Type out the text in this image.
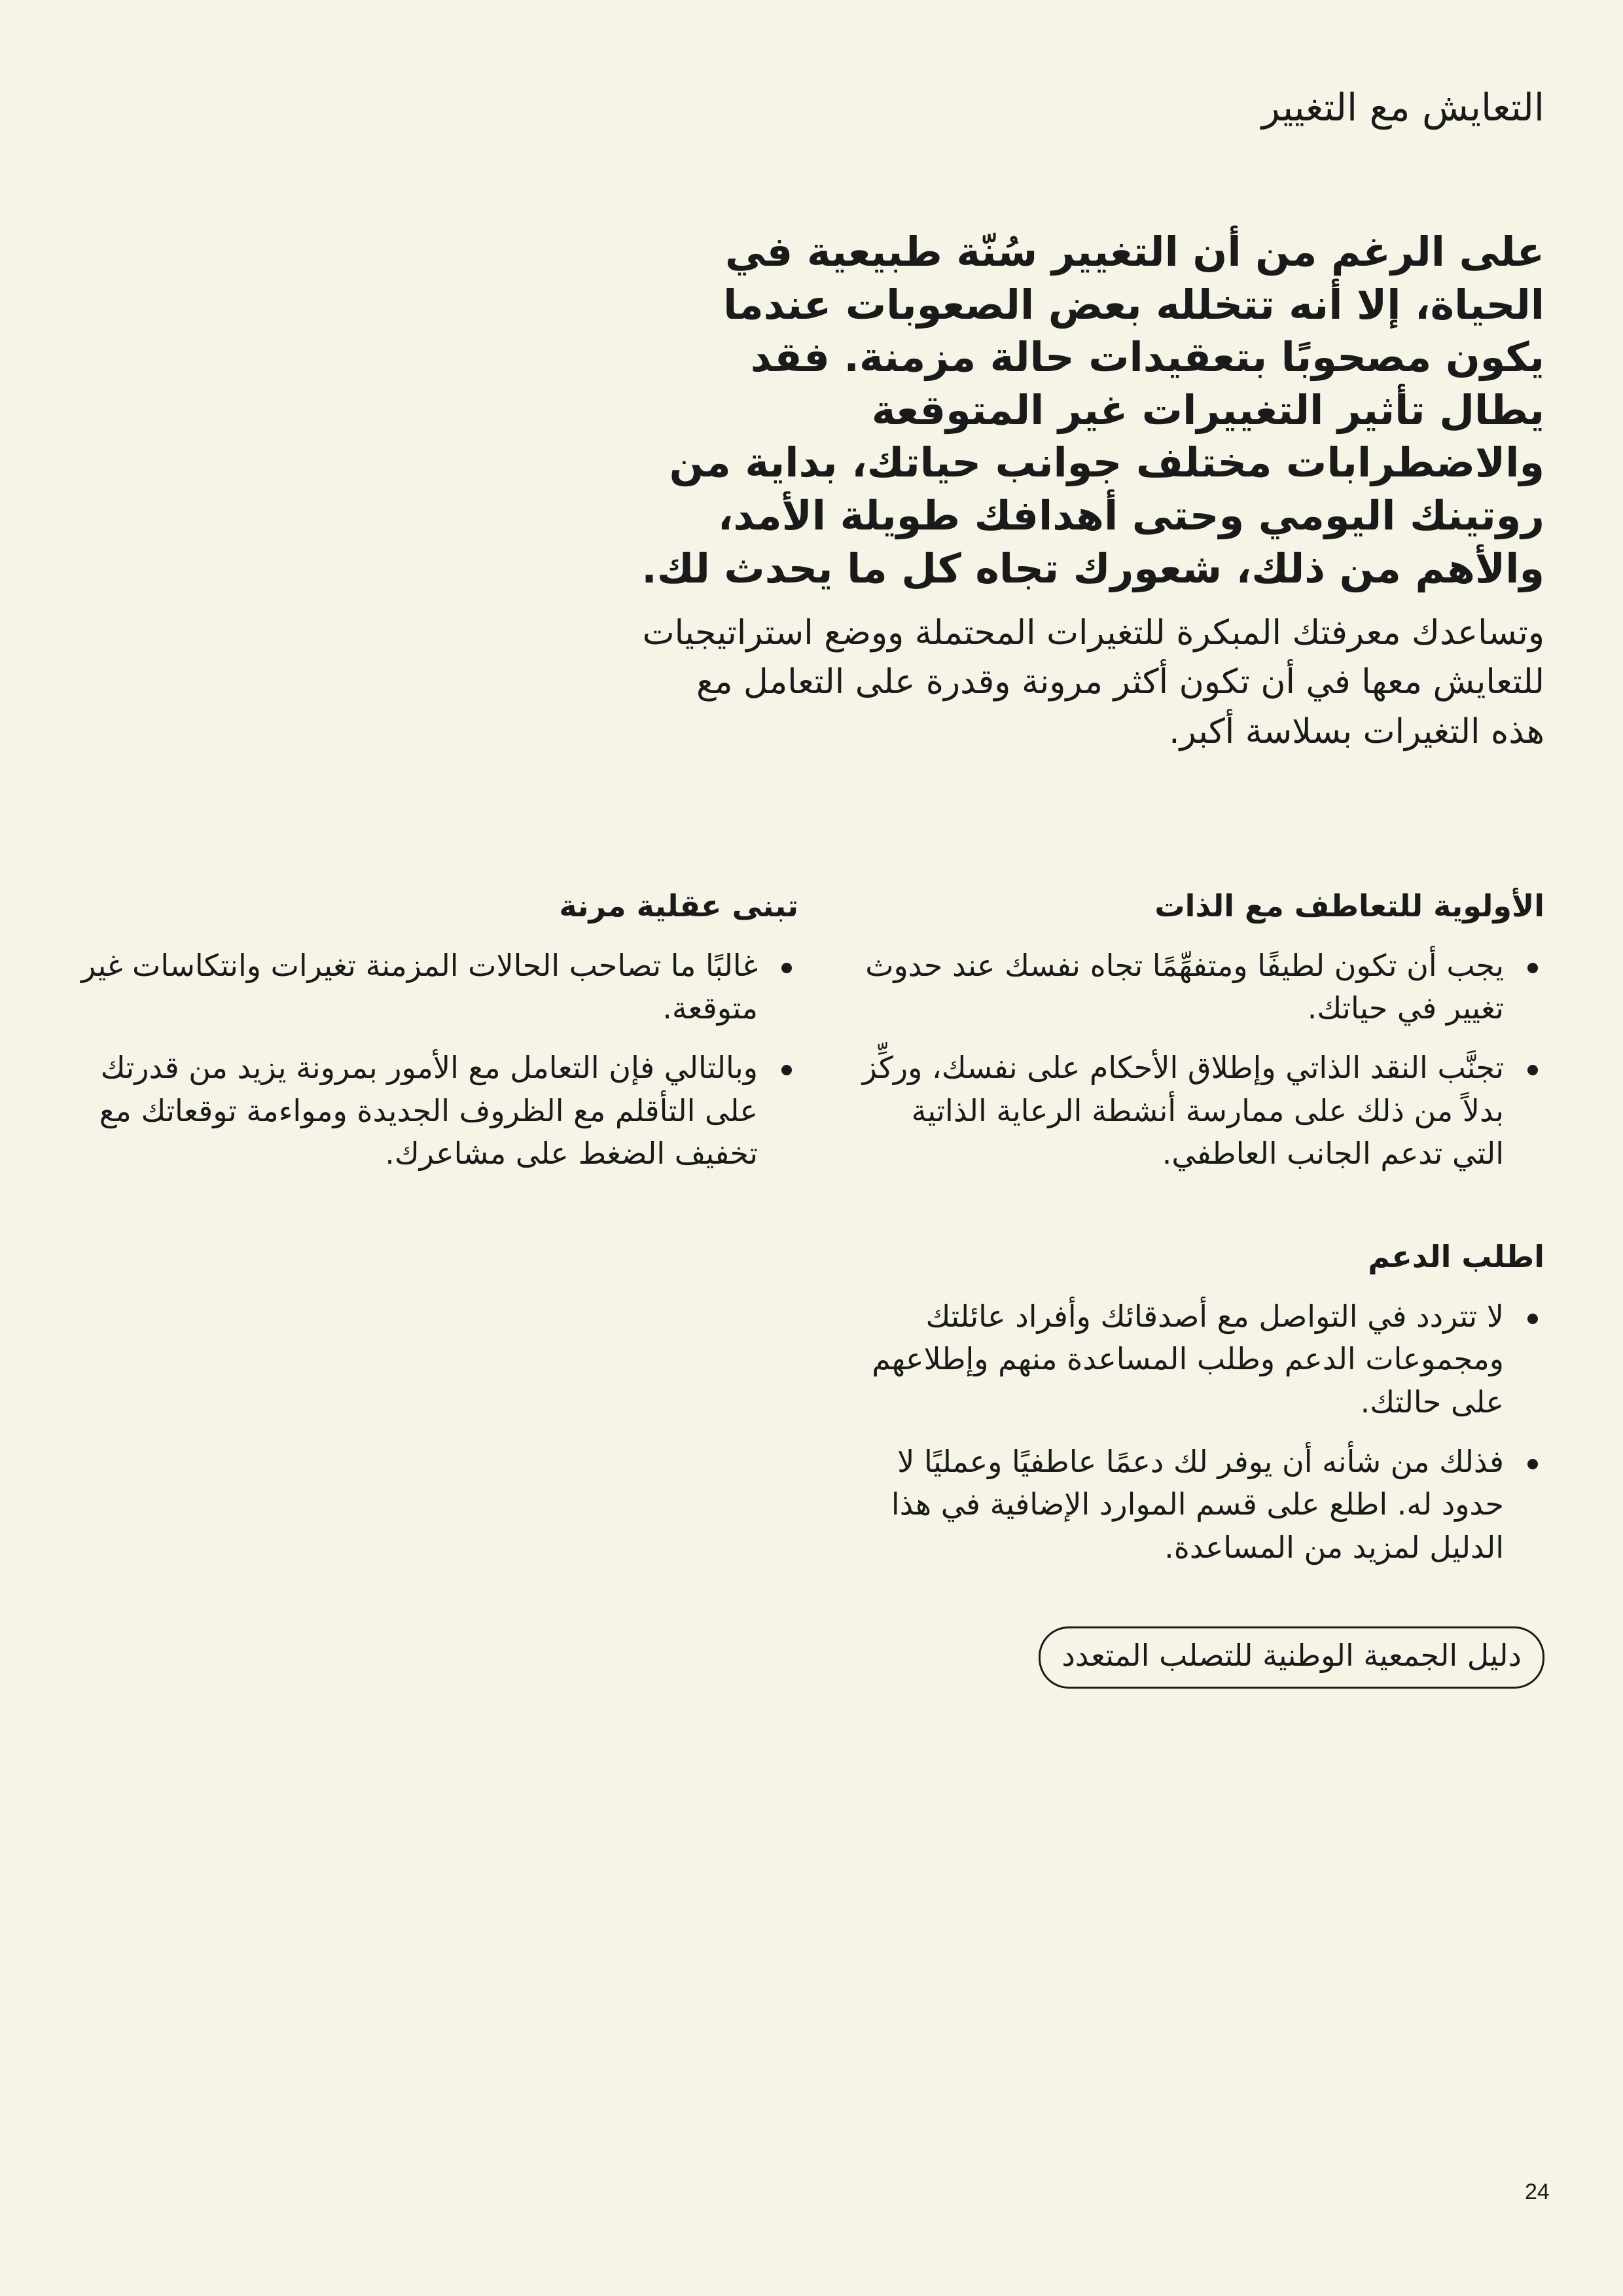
التعايش مع التغيير

على الرغم من أن التغيير سُنّة طبيعية في الحياة، إلا أنه تتخلله بعض الصعوبات عندما يكون مصحوبًا بتعقيدات حالة مزمنة. فقد يطال تأثير التغييرات غير المتوقعة والاضطرابات مختلف جوانب حياتك، بداية من روتينك اليومي وحتى أهدافك طويلة الأمد، والأهم من ذلك، شعورك تجاه كل ما يحدث لك.

وتساعدك معرفتك المبكرة للتغيرات المحتملة ووضع استراتيجيات للتعايش معها في أن تكون أكثر مرونة وقدرة على التعامل مع هذه التغيرات بسلاسة أكبر.

الأولوية للتعاطف مع الذات
يجب أن تكون لطيفًا ومتفهِّمًا تجاه نفسك عند حدوث تغيير في حياتك.
تجنَّب النقد الذاتي وإطلاق الأحكام على نفسك، وركِّز بدلاً من ذلك على ممارسة أنشطة الرعاية الذاتية التي تدعم الجانب العاطفي.
اطلب الدعم
لا تتردد في التواصل مع أصدقائك وأفراد عائلتك ومجموعات الدعم وطلب المساعدة منهم وإطلاعهم على حالتك.
فذلك من شأنه أن يوفر لك دعمًا عاطفيًا وعمليًا لا حدود له. اطلع على قسم الموارد الإضافية في هذا الدليل لمزيد من المساعدة.
تبنى عقلية مرنة
غالبًا ما تصاحب الحالات المزمنة تغيرات وانتكاسات غير متوقعة.
وبالتالي فإن التعامل مع الأمور بمرونة يزيد من قدرتك على التأقلم مع الظروف الجديدة ومواءمة توقعاتك مع تخفيف الضغط على مشاعرك.
دليل الجمعية الوطنية للتصلب المتعدد
24
